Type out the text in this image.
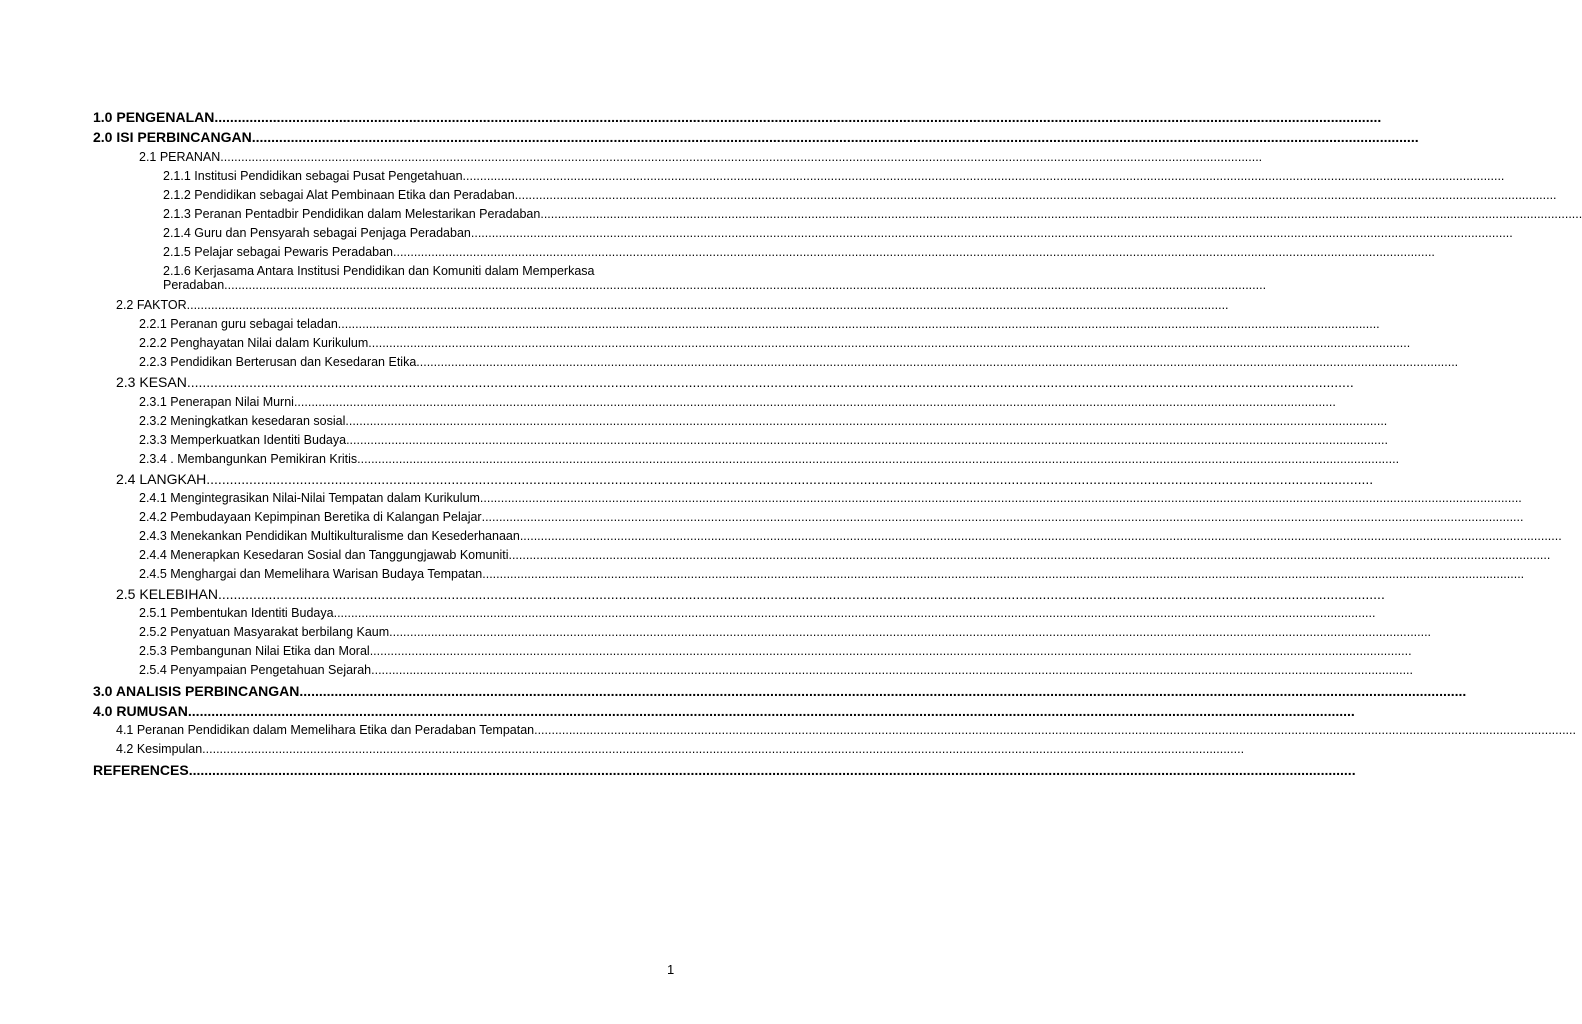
1.0 PENGENALAN ............................................................................................................................................................................................................................................................................................................
2.0 ISI PERBINCANGAN ............................................................................................................................................................................................................................................................................................................
2.1 PERANAN ............................................................................................................................................................................................................................................................................................................
2.1.1 Institusi Pendidikan sebagai Pusat Pengetahuan ............................................................................................................................................................................................................................................................................................................
2.1.2 Pendidikan sebagai Alat Pembinaan Etika dan Peradaban ............................................................................................................................................................................................................................................................................................................
2.1.3 Peranan Pentadbir Pendidikan dalam Melestarikan Peradaban ............................................................................................................................................................................................................................................................................................................
2.1.4 Guru dan Pensyarah sebagai Penjaga Peradaban ............................................................................................................................................................................................................................................................................................................
2.1.5 Pelajar sebagai Pewaris Peradaban ............................................................................................................................................................................................................................................................................................................
2.1.6 Kerjasama Antara Institusi Pendidikan dan Komuniti dalam Memperkasa
Peradaban ............................................................................................................................................................................................................................................................................................................
2.2 FAKTOR ............................................................................................................................................................................................................................................................................................................
2.2.1 Peranan guru sebagai teladan ............................................................................................................................................................................................................................................................................................................
2.2.2 Penghayatan Nilai dalam Kurikulum ............................................................................................................................................................................................................................................................................................................
2.2.3 Pendidikan Berterusan dan Kesedaran Etika ............................................................................................................................................................................................................................................................................................................
2.3 KESAN ............................................................................................................................................................................................................................................................................................................
2.3.1 Penerapan Nilai Murni ............................................................................................................................................................................................................................................................................................................
2.3.2 Meningkatkan kesedaran sosial ............................................................................................................................................................................................................................................................................................................
2.3.3 Memperkuatkan Identiti Budaya ............................................................................................................................................................................................................................................................................................................
2.3.4 . Membangunkan Pemikiran Kritis ............................................................................................................................................................................................................................................................................................................
2.4 LANGKAH ............................................................................................................................................................................................................................................................................................................
2.4.1 Mengintegrasikan Nilai-Nilai Tempatan dalam Kurikulum ............................................................................................................................................................................................................................................................................................................
2.4.2 Pembudayaan Kepimpinan Beretika di Kalangan Pelajar ............................................................................................................................................................................................................................................................................................................
2.4.3 Menekankan Pendidikan Multikulturalisme dan Kesederhanaan ............................................................................................................................................................................................................................................................................................................
2.4.4 Menerapkan Kesedaran Sosial dan Tanggungjawab Komuniti ............................................................................................................................................................................................................................................................................................................
2.4.5 Menghargai dan Memelihara Warisan Budaya Tempatan ............................................................................................................................................................................................................................................................................................................
2.5 KELEBIHAN ............................................................................................................................................................................................................................................................................................................
2.5.1 Pembentukan Identiti Budaya ............................................................................................................................................................................................................................................................................................................
2.5.2 Penyatuan Masyarakat berbilang Kaum ............................................................................................................................................................................................................................................................................................................
2.5.3 Pembangunan Nilai Etika dan Moral ............................................................................................................................................................................................................................................................................................................
2.5.4 Penyampaian Pengetahuan Sejarah ............................................................................................................................................................................................................................................................................................................
3.0 ANALISIS PERBINCANGAN ............................................................................................................................................................................................................................................................................................................
4.0 RUMUSAN ............................................................................................................................................................................................................................................................................................................
4.1 Peranan Pendidikan dalam Memelihara Etika dan Peradaban Tempatan ............................................................................................................................................................................................................................................................................................................
4.2 Kesimpulan ............................................................................................................................................................................................................................................................................................................
REFERENCES ............................................................................................................................................................................................................................................................................................................
1
